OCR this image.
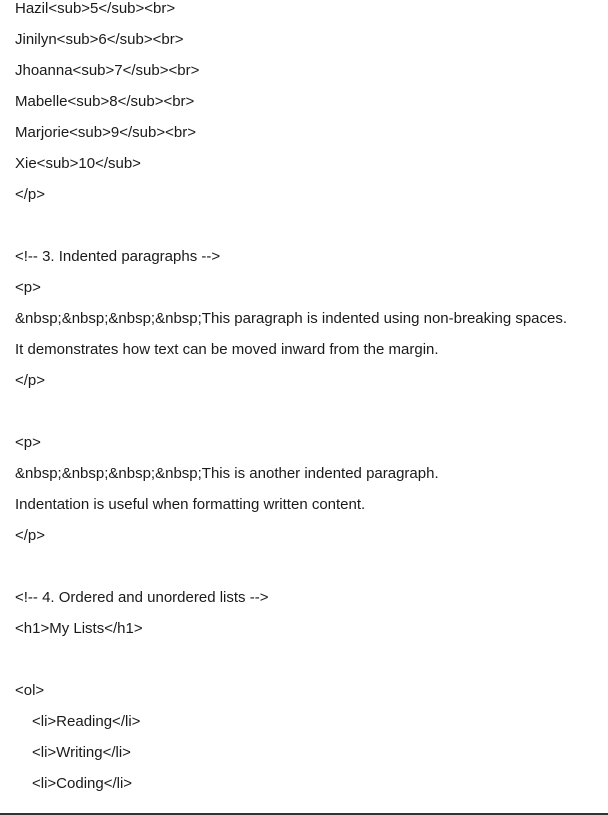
Hazil<sub>5</sub><br>
Jinilyn<sub>6</sub><br>
Jhoanna<sub>7</sub><br>
Mabelle<sub>8</sub><br>
Marjorie<sub>9</sub><br>
Xie<sub>10</sub>
</p>
<!-- 3. Indented paragraphs -->
<p>
&nbsp;&nbsp;&nbsp;&nbsp;This paragraph is indented using non-breaking spaces.
It demonstrates how text can be moved inward from the margin.
</p>
<p>
&nbsp;&nbsp;&nbsp;&nbsp;This is another indented paragraph.
Indentation is useful when formatting written content.
</p>
<!-- 4. Ordered and unordered lists -->
<h1>My Lists</h1>
<ol>
<li>Reading</li>
<li>Writing</li>
<li>Coding</li>
